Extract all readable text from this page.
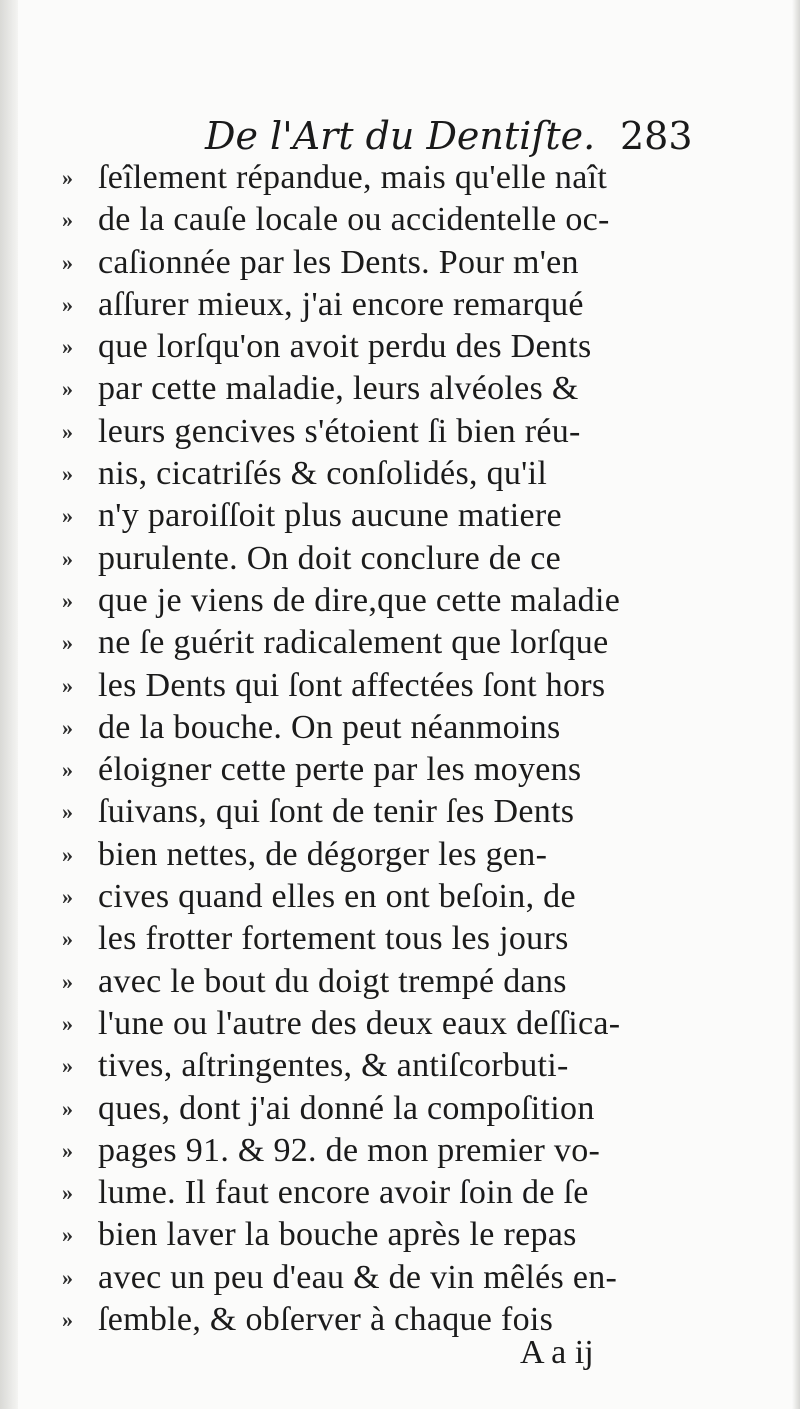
De l'Art du Dentiſte. 283
» ſeîlement répandue, mais qu'elle naît
» de la cauſe locale ou accidentelle oc-
» caſionnée par les Dents. Pour m'en
» aſſurer mieux, j'ai encore remarqué
» que lorſqu'on avoit perdu des Dents
» par cette maladie, leurs alvéoles &
» leurs gencives s'étoient ſi bien réu-
» nis, cicatriſés & conſolidés, qu'il
» n'y paroiſſoit plus aucune matiere
» purulente. On doit conclure de ce
» que je viens de dire,que cette maladie
» ne ſe guérit radicalement que lorſque
» les Dents qui ſont affectées ſont hors
» de la bouche. On peut néanmoins
» éloigner cette perte par les moyens
» ſuivans, qui ſont de tenir ſes Dents
» bien nettes, de dégorger les gen-
» cives quand elles en ont beſoin, de
» les frotter fortement tous les jours
» avec le bout du doigt trempé dans
» l'une ou l'autre des deux eaux deſſica-
» tives, aſtringentes, & antiſcorbuti-
» ques, dont j'ai donné la compoſition
» pages 91. & 92. de mon premier vo-
» lume. Il faut encore avoir ſoin de ſe
» bien laver la bouche après le repas
» avec un peu d'eau & de vin mêlés en-
» ſemble, & obſerver à chaque fois
A a ij
